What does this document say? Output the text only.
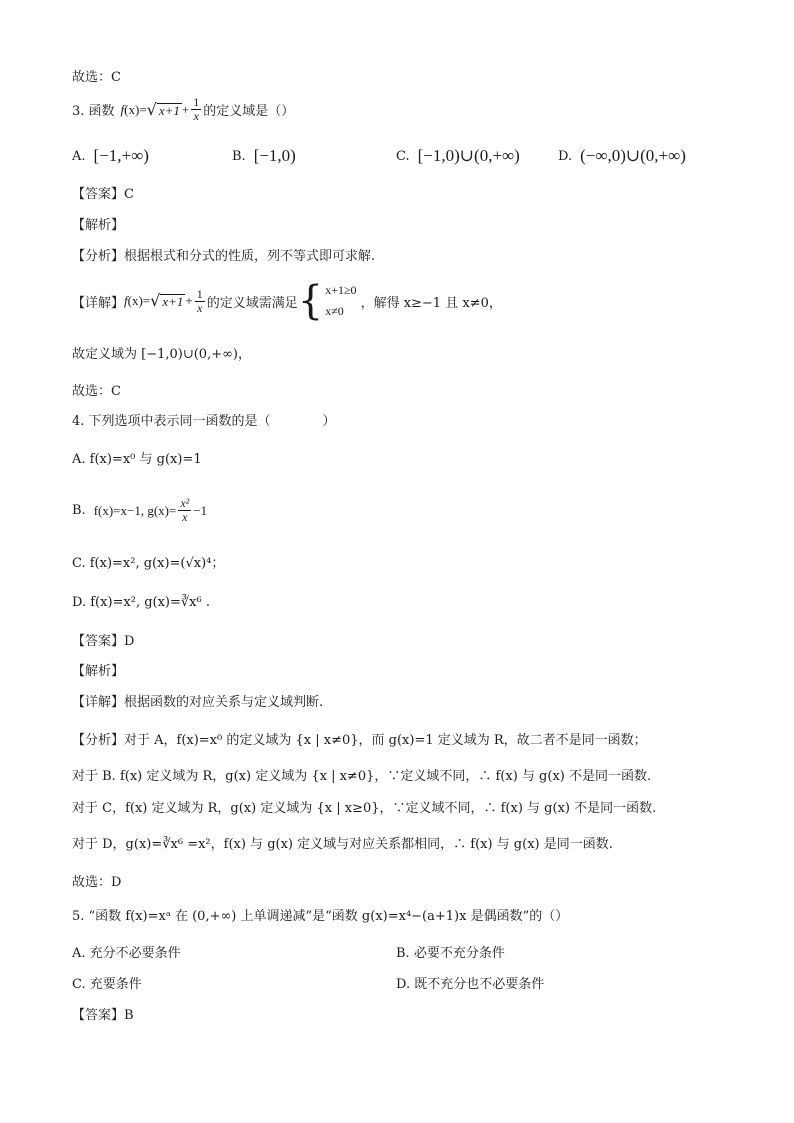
故选：C
3. 函数 f (x)= √ $x+1 + \frac{1}{x}$ 的定义域是（）
A. [−1,+∞)	B. [−1,0)	C. [−1,0)∪(0,+∞)	D. (−∞,0)∪(0,+∞)
【答案】C
【解析】
【分析】根据根式和分式的性质，列不等式即可求解.
【详解】 f (x)= √ $x+1 + \frac{1}{x}$ 的定义域需满足 { x+1≥0
x≠0
，解得 x≥−1 且 x≠0，
故定义域为 [−1,0)∪(0,+∞)，
故选：C
4. 下列选项中表示同一函数的是（　　　　）
A. f(x)=x⁰ 与 g(x)=1
B. f(x)=x−1, $g(x)= \frac{\text{x²}}{x} -1$
C. f(x)=x², g(x)=(√x)⁴；
D. f(x)=x², g(x)=∛x⁶ .
【答案】D
【解析】
【详解】根据函数的对应关系与定义域判断.
【分析】对于 A，f(x)=x⁰ 的定义域为 {x | x≠0}，而 g(x)=1 定义域为 R，故二者不是同一函数；
对于 B. f(x) 定义域为 R，g(x) 定义域为 {x | x≠0}，∵定义域不同，∴ f(x) 与 g(x) 不是同一函数.
对于 C，f(x) 定义域为 R，g(x) 定义域为 {x | x≥0}，∵定义域不同，∴ f(x) 与 g(x) 不是同一函数.
对于 D，g(x)=∛x⁶ =x²，f(x) 与 g(x) 定义域与对应关系都相同，∴ f(x) 与 g(x) 是同一函数.
故选：D
5. “函数 f(x)=xᵃ 在 (0,+∞) 上单调递减”是“函数 g(x)=x⁴−(a+1)x 是偶函数”的（）
A. 充分不必要条件	B. 必要不充分条件
C. 充要条件	D. 既不充分也不必要条件
【答案】B
